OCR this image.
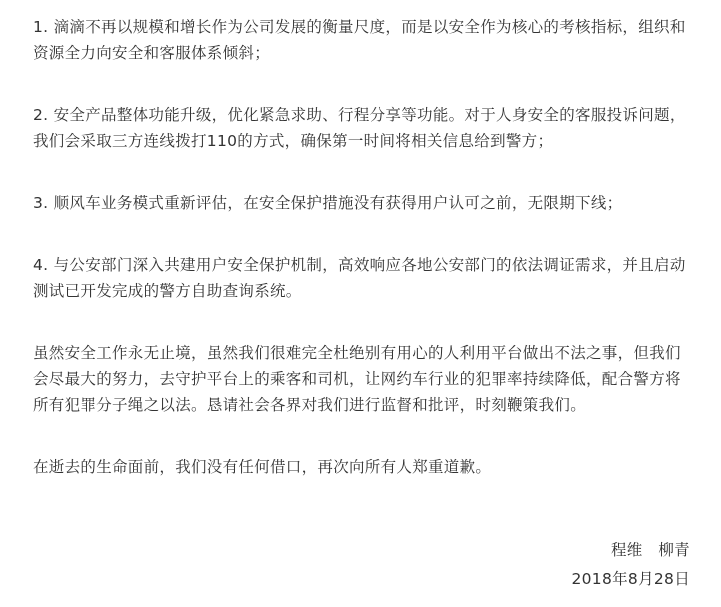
1. 滴滴不再以规模和增长作为公司发展的衡量尺度，而是以安全作为核心的考核指标，组织和资源全力向安全和客服体系倾斜；

2. 安全产品整体功能升级，优化紧急求助、行程分享等功能。对于人身安全的客服投诉问题，我们会采取三方连线拨打110的方式，确保第一时间将相关信息给到警方；

3. 顺风车业务模式重新评估，在安全保护措施没有获得用户认可之前，无限期下线；

4. 与公安部门深入共建用户安全保护机制，高效响应各地公安部门的依法调证需求，并且启动测试已开发完成的警方自助查询系统。

虽然安全工作永无止境，虽然我们很难完全杜绝别有用心的人利用平台做出不法之事，但我们会尽最大的努力，去守护平台上的乘客和司机，让网约车行业的犯罪率持续降低，配合警方将所有犯罪分子绳之以法。恳请社会各界对我们进行监督和批评，时刻鞭策我们。

在逝去的生命面前，我们没有任何借口，再次向所有人郑重道歉。

程维　柳青
2018年8月28日
